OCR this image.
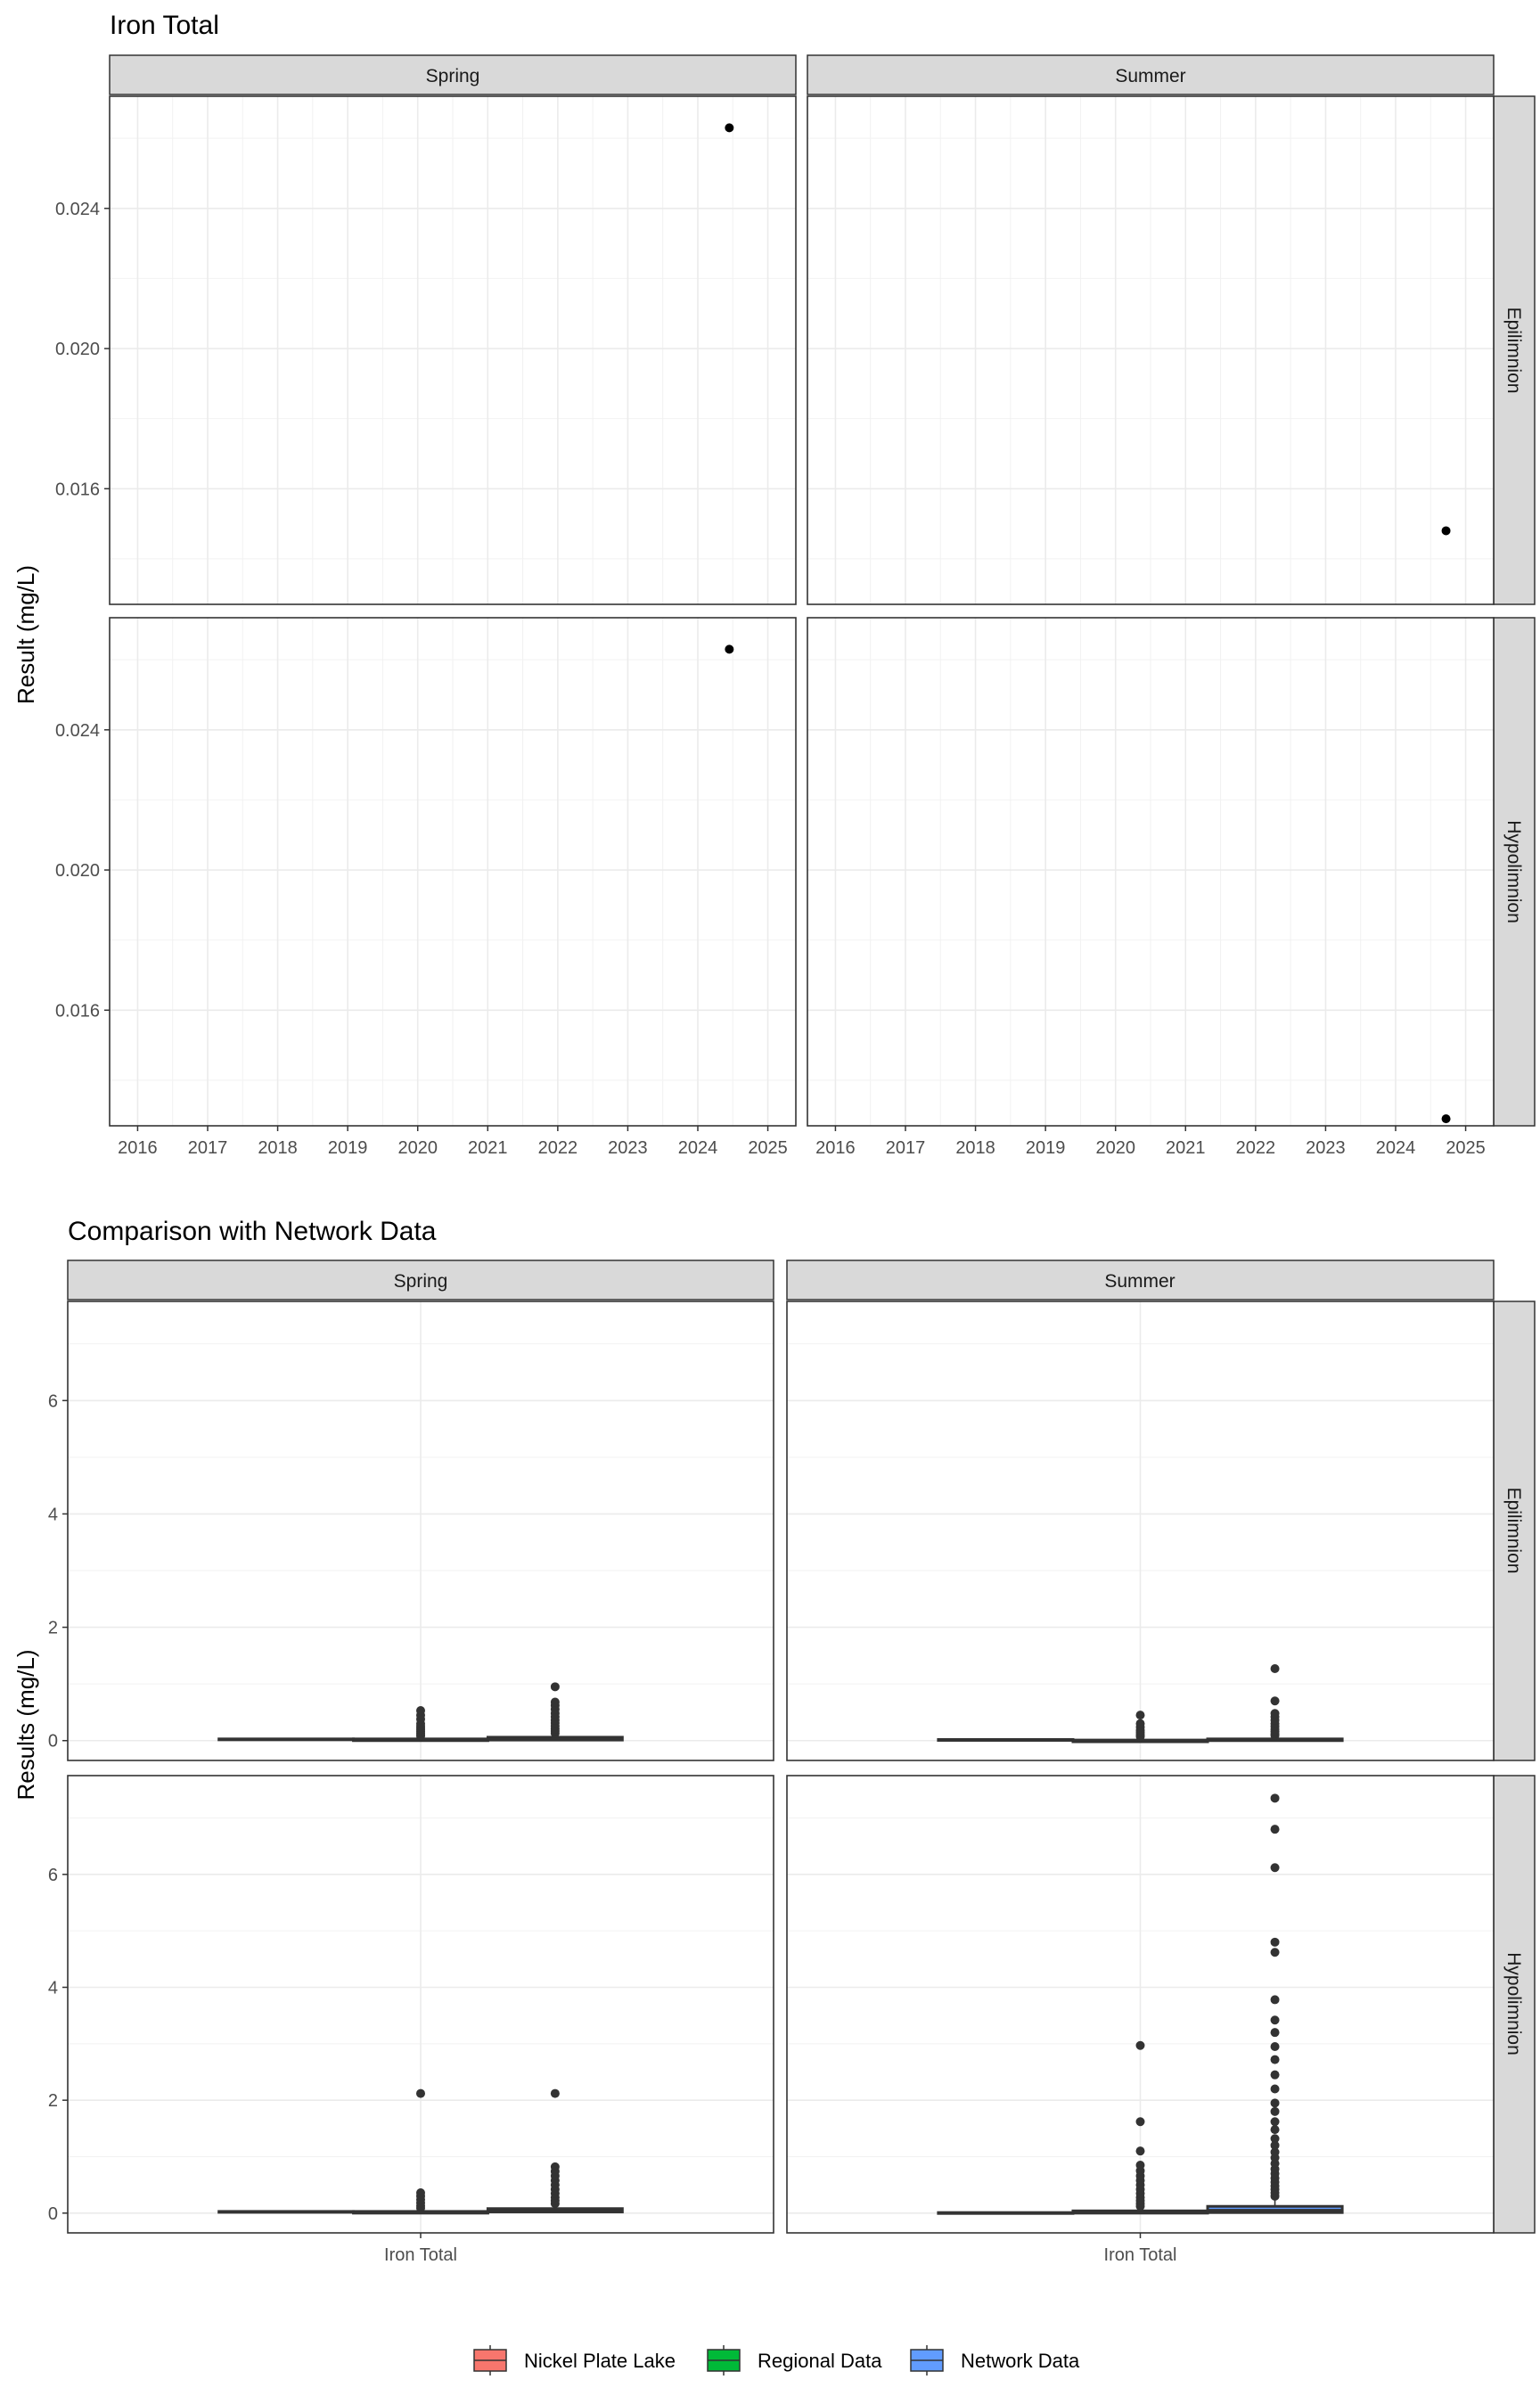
Iron Total
Result (mg/L)
Comparison with Network Data
Results (mg/L)
Spring	Summer
Epilimnion
Hypolimnion
Spring	Summer
Epilimnion
Hypolimnion
Nickel Plate Lake	Regional Data	Network Data
0.016
0.020
0.024
0.016
0.020
0.024
2016 2017 2018 2019 2020 2021 2022 2023 2024 2025 2016 2017 2018 2019 2020 2021 2022 2023 2024 2025
0
2
4
6
0
2
4
6
Iron Total	Iron Total
